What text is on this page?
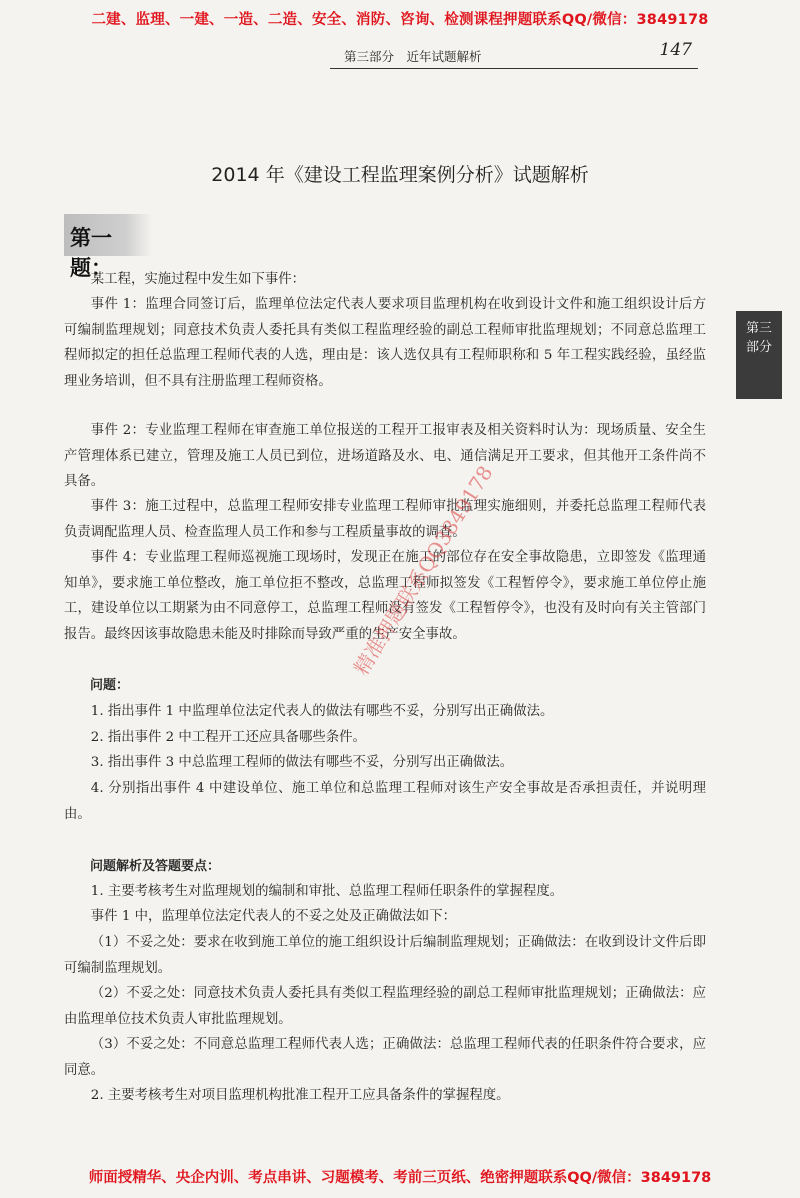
二建、监理、一建、一造、二造、安全、消防、咨询、检测课程押题联系QQ/微信：3849178
第三部分　近年试题解析	147
2014 年《建设工程监理案例分析》试题解析
第一题：
第三
部分

某工程，实施过程中发生如下事件：

事件 1：监理合同签订后，监理单位法定代表人要求项目监理机构在收到设计文件和施工组织设计后方可编制监理规划；同意技术负责人委托具有类似工程监理经验的副总工程师审批监理规划；不同意总监理工程师拟定的担任总监理工程师代表的人选，理由是：该人选仅具有工程师职称和 5 年工程实践经验，虽经监理业务培训，但不具有注册监理工程师资格。

事件 2：专业监理工程师在审查施工单位报送的工程开工报审表及相关资料时认为：现场质量、安全生产管理体系已建立，管理及施工人员已到位，进场道路及水、电、通信满足开工要求，但其他开工条件尚不具备。

事件 3：施工过程中，总监理工程师安排专业监理工程师审批监理实施细则，并委托总监理工程师代表负责调配监理人员、检查监理人员工作和参与工程质量事故的调查。

事件 4：专业监理工程师巡视施工现场时，发现正在施工的部位存在安全事故隐患，立即签发《监理通知单》，要求施工单位整改，施工单位拒不整改，总监理工程师拟签发《工程暂停令》，要求施工单位停止施工，建设单位以工期紧为由不同意停工，总监理工程师没有签发《工程暂停令》，也没有及时向有关主管部门报告。最终因该事故隐患未能及时排除而导致严重的生产安全事故。

问题：

1. 指出事件 1 中监理单位法定代表人的做法有哪些不妥，分别写出正确做法。

2. 指出事件 2 中工程开工还应具备哪些条件。

3. 指出事件 3 中总监理工程师的做法有哪些不妥，分别写出正确做法。

4. 分别指出事件 4 中建设单位、施工单位和总监理工程师对该生产安全事故是否承担责任，并说明理由。

问题解析及答题要点：

1. 主要考核考生对监理规划的编制和审批、总监理工程师任职条件的掌握程度。

事件 1 中，监理单位法定代表人的不妥之处及正确做法如下：

（1）不妥之处：要求在收到施工单位的施工组织设计后编制监理规划；正确做法：在收到设计文件后即可编制监理规划。

（2）不妥之处：同意技术负责人委托具有类似工程监理经验的副总工程师审批监理规划；正确做法：应由监理单位技术负责人审批监理规划。

（3）不妥之处：不同意总监理工程师代表人选；正确做法：总监理工程师代表的任职条件符合要求，应同意。

2. 主要考核考生对项目监理机构批准工程开工应具备条件的掌握程度。

精准押题联系QQ3849178
师面授精华、央企内训、考点串讲、习题模考、考前三页纸、绝密押题联系QQ/微信：3849178
